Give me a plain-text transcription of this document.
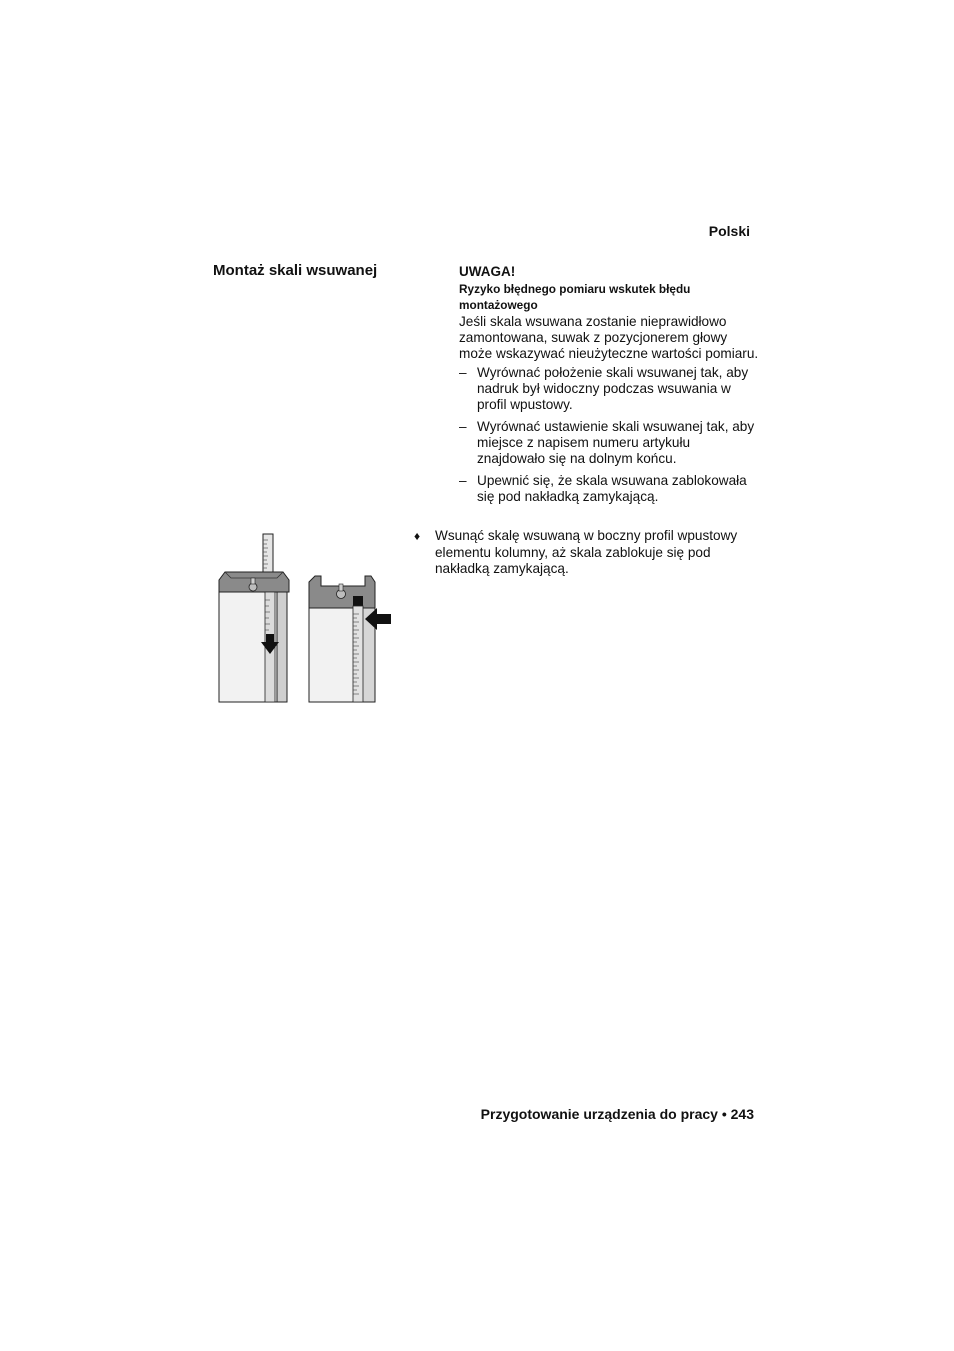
Polski
Montaż skali wsuwanej	UWAGA!
Ryzyko błędnego pomiaru wskutek błędu montażowego
Jeśli skala wsuwana zostanie nieprawidłowo zamontowana, suwak z pozycjonerem głowy może wskazywać nieużyteczne wartości pomiaru.
– Wyrównać położenie skali wsuwanej tak, aby nadruk był widoczny podczas wsuwania w profil wpustowy.
– Wyrównać ustawienie skali wsuwanej tak, aby miejsce z napisem numeru artykułu znajdowało się na dolnym końcu.
– Upewnić się, że skala wsuwana zablokowała się pod nakładką zamykającą.
♦	Wsunąć skalę wsuwaną w boczny profil wpustowy elementu kolumny, aż skala zablokuje się pod nakładką zamykającą.
Przygotowanie urządzenia do pracy • 243
